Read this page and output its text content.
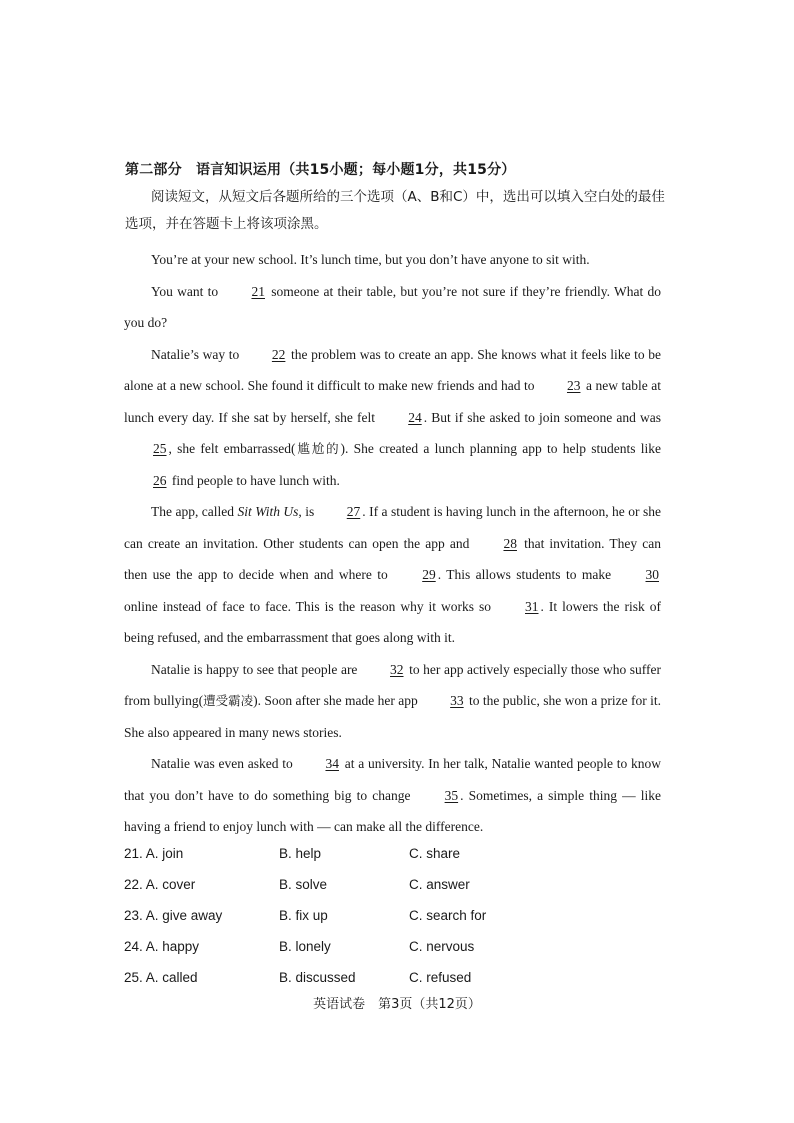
第二部分　语言知识运用（共15小题；每小题1分，共15分）
阅读短文，从短文后各题所给的三个选项（A、B和C）中，选出可以填入空白处的最佳选项，并在答题卡上将该项涂黑。

You’re at your new school. It’s lunch time, but you don’t have anyone to sit with.

You want to 21 someone at their table, but you’re not sure if they’re friendly. What do you do?

Natalie’s way to 22 the problem was to create an app. She knows what it feels like to be alone at a new school. She found it difficult to make new friends and had to 23 a new table at lunch every day. If she sat by herself, she felt 24 . But if she asked to join someone and was 25 , she felt embarrassed(尴尬的). She created a lunch planning app to help students like 26 find people to have lunch with.

The app, called Sit With Us, is 27 . If a student is having lunch in the afternoon, he or she can create an invitation. Other students can open the app and	28 that invitation. They can then use the app to decide when and where to	29 . This allows students to make	30 online instead of face to face. This is the reason why it works so	31 . It lowers the risk of being refused, and the embarrassment that goes along with it.

Natalie is happy to see that people are 32 to her app actively especially those who suffer from bullying(遭受霸凌). Soon after she made her app 33 to the public, she won a prize for it. She also appeared in many news stories.

Natalie was even asked to 34 at a university. In her talk, Natalie wanted people to know that you don’t have to do something big to change	35 . Sometimes, a simple thing — like having a friend to enjoy lunch with — can make all the difference.

21. A. join	B. help	C. share
22. A. cover	B. solve	C. answer
23. A. give away	B. fix up	C. search for
24. A. happy	B. lonely	C. nervous
25. A. called	B. discussed	C. refused
英语试卷　第3页（共12页）
